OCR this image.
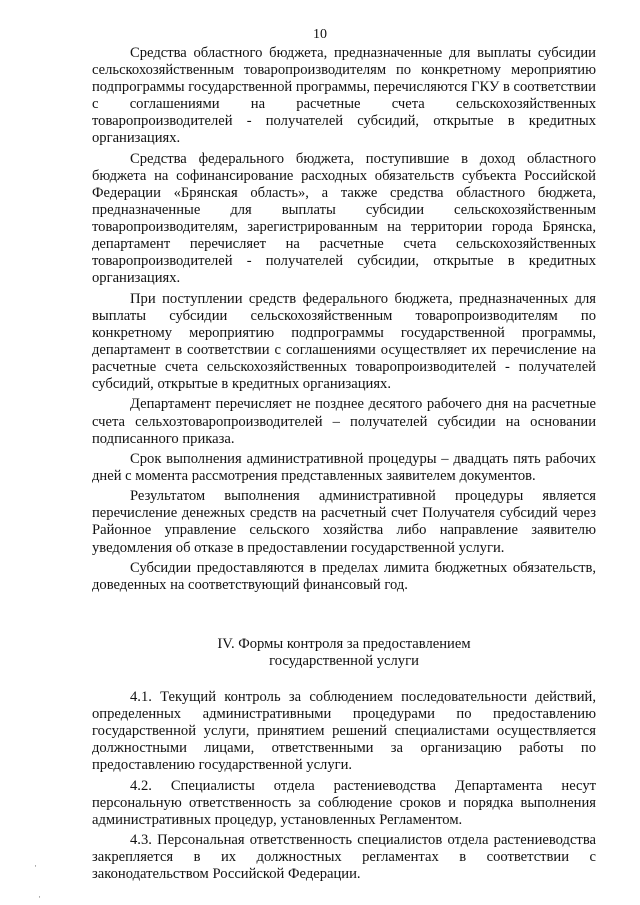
10

Средства областного бюджета, предназначенные для выплаты субсидии сельскохозяйственным товаропроизводителям по конкретному мероприятию подпрограммы государственной программы, перечисляются ГКУ в соответствии с соглашениями на расчетные счета сельскохозяйственных товаропроизводителей - получателей субсидий, открытые в кредитных организациях.

Средства федерального бюджета, поступившие в доход областного бюджета на софинансирование расходных обязательств субъекта Российской Федерации «Брянская область», а также средства областного бюджета, предназначенные для выплаты субсидии сельскохозяйственным товаропроизводителям, зарегистрированным на территории города Брянска, департамент перечисляет на расчетные счета сельскохозяйственных товаропроизводителей - получателей субсидии, открытые в кредитных организациях.

При поступлении средств федерального бюджета, предназначенных для выплаты субсидии сельскохозяйственным товаропроизводителям по конкретному мероприятию подпрограммы государственной программы, департамент в соответствии с соглашениями осуществляет их перечисление на расчетные счета сельскохозяйственных товаропроизводителей - получателей субсидий, открытые в кредитных организациях.

Департамент перечисляет не позднее десятого рабочего дня на расчетные счета сельхозтоваропроизводителей – получателей субсидии на основании подписанного приказа.

Срок выполнения административной процедуры – двадцать пять рабочих дней с момента рассмотрения представленных заявителем документов.

Результатом выполнения административной процедуры является перечисление денежных средств на расчетный счет Получателя субсидий через Районное управление сельского хозяйства либо направление заявителю уведомления об отказе в предоставлении государственной услуги.

Субсидии предоставляются в пределах лимита бюджетных обязательств, доведенных на соответствующий финансовый год.

IV. Формы контроля за предоставлением
государственной услуги

4.1. Текущий контроль за соблюдением последовательности действий, определенных административными процедурами по предоставлению государственной услуги, принятием решений специалистами осуществляется должностными лицами, ответственными за организацию работы по предоставлению государственной услуги.

4.2. Специалисты отдела растениеводства Департамента несут персональную ответственность за соблюдение сроков и порядка выполнения административных процедур, установленных Регламентом.

4.3. Персональная ответственность специалистов отдела растениеводства закрепляется в их должностных регламентах в соответствии с законодательством Российской Федерации.

·
·
